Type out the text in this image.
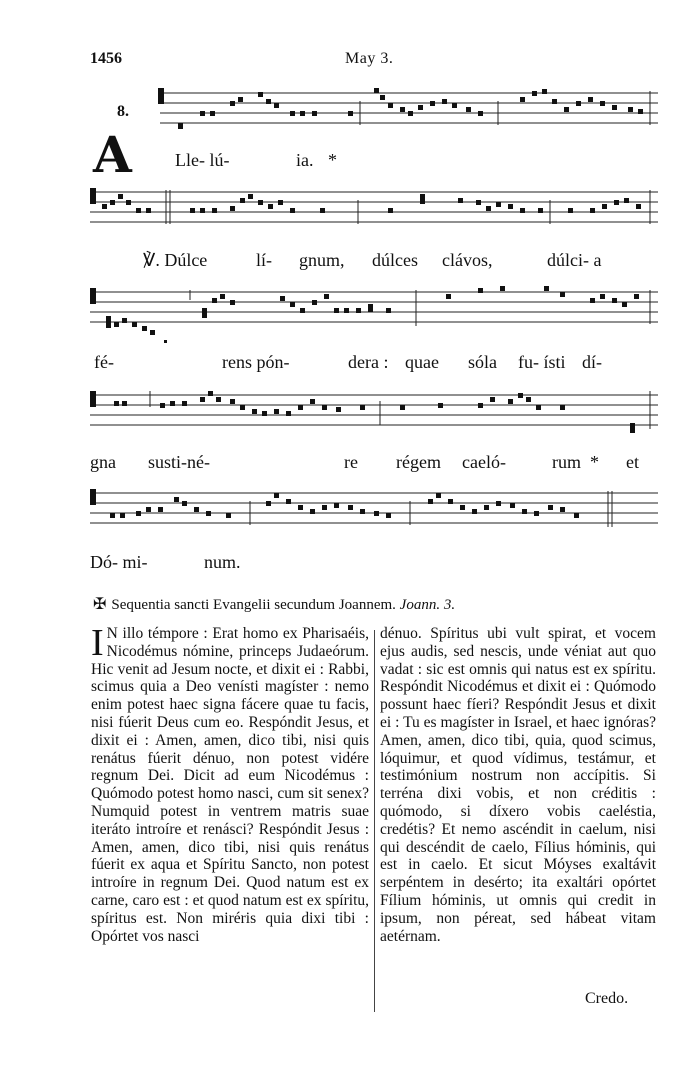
1456	May 3.
8.
A Lle- lú-	ia. *
℣. Dúlce	lí- gnum, dúlces clávos,	dúlci- a
fé-	rens pón-	dera : quae sóla fu- ísti dí-
gna susti-né-	re régem caeló-	rum * et
Dó- mi-	num.
✠ Sequentia sancti Evangelii secundum Joannem. Joann. 3.
I N illo témpore : Erat homo ex Pharisaéis, Nicodémus nómine, princeps Judaeórum. Hic venit ad Jesum nocte, et dixit ei : Rabbi, scimus quia a Deo venísti magíster : nemo enim potest haec signa fácere quae tu facis, nisi fúerit Deus cum eo. Respóndit Jesus, et dixit ei : Amen, amen, dico tibi, nisi quis renátus fúerit dénuo, non potest vidére regnum Dei. Dicit ad eum Nicodémus : Quómodo potest homo nasci, cum sit senex? Numquid potest in ventrem matris suae iteráto introíre et renásci? Respóndit Jesus : Amen, amen, dico tibi, nisi quis renátus fúerit ex aqua et Spíritu Sancto, non potest introíre in regnum Dei. Quod natum est ex carne, caro est : et quod natum est ex spíritu, spíritus est. Non miréris quia dixi tibi : Opórtet vos nasci

dénuo. Spíritus ubi vult spirat, et vocem ejus audis, sed nescis, unde véniat aut quo vadat : sic est omnis qui natus est ex spíritu. Respóndit Nicodémus et dixit ei : Quómodo possunt haec fíeri? Respóndit Jesus et dixit ei : Tu es magíster in Israel, et haec ignóras? Amen, amen, dico tibi, quia, quod scimus, lóquimur, et quod vídimus, testámur, et testimónium nostrum non accípitis. Si terréna dixi vobis, et non créditis : quómodo, si díxero vobis caeléstia, credétis? Et nemo ascéndit in caelum, nisi qui descéndit de caelo, Fílius hóminis, qui est in caelo. Et sicut Móyses exaltávit serpéntem in desérto; ita exaltári opórtet Fílium hóminis, ut omnis qui credit in ipsum, non péreat, sed hábeat vitam aetérnam.

Credo.
